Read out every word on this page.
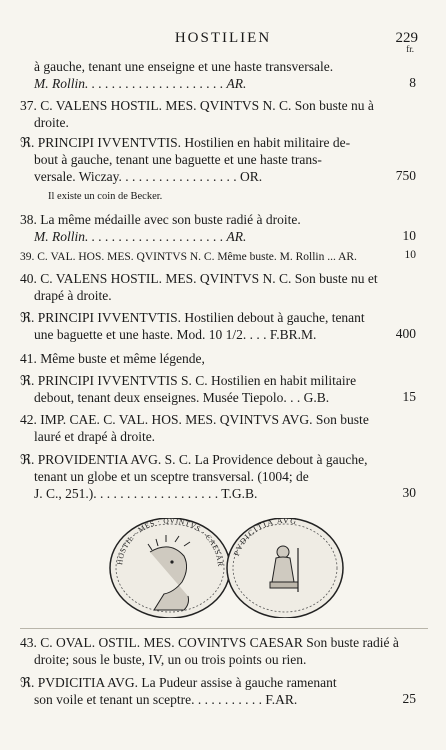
HOSTILIEN	229
fr.
à gauche, tenant une enseigne et une haste transversale.
M. Rollin. . . . . . . . . . . . . . . . . . . . . AR.	8
37. C. VALENS HOSTIL. MES. QVINTVS N. C. Son buste nu à
droite.
ℜ. PRINCIPI IVVENTVTIS. Hostilien en habit militaire de-
bout à gauche, tenant une baguette et une haste trans-
versale. Wiczay. . . . . . . . . . . . . . . . . . OR.	750
Il existe un coin de Becker.
38. La même médaille avec son buste radié à droite.
M. Rollin. . . . . . . . . . . . . . . . . . . . . AR.	10
39. C. VAL. HOS. MES. QVINTVS N. C. Même buste. M. Rollin ... AR.	10
40. C. VALENS HOSTIL. MES. QVINTVS N. C. Son buste nu et
drapé à droite.
ℜ. PRINCIPI IVVENTVTIS. Hostilien debout à gauche, tenant
une baguette et une haste. Mod. 10 1/2. . . . F.BR.M.	400
41. Même buste et même légende,
ℜ. PRINCIPI IVVENTVTIS S. C. Hostilien en habit militaire
debout, tenant deux enseignes. Musée Tiepolo. . . G.B.	15
42. IMP. CAE. C. VAL. HOS. MES. QVINTVS AVG. Son buste
lauré et drapé à droite.
ℜ. PROVIDENTIA AVG. S. C. La Providence debout à gauche,
tenant un globe et un sceptre transversal. (1004; de
J. C., 251.). . . . . . . . . . . . . . . . . . . T.G.B.	30
HOSTIL · MES · QVINTVS · CAESAR
PVDICITIA AVG
43. C. OVAL. OSTIL. MES. COVINTVS CAESAR Son buste radié à
droite; sous le buste, IV, un ou trois points ou rien.
ℜ. PVDICITIA AVG. La Pudeur assise à gauche ramenant
son voile et tenant un sceptre. . . . . . . . . . . F.AR.	25
